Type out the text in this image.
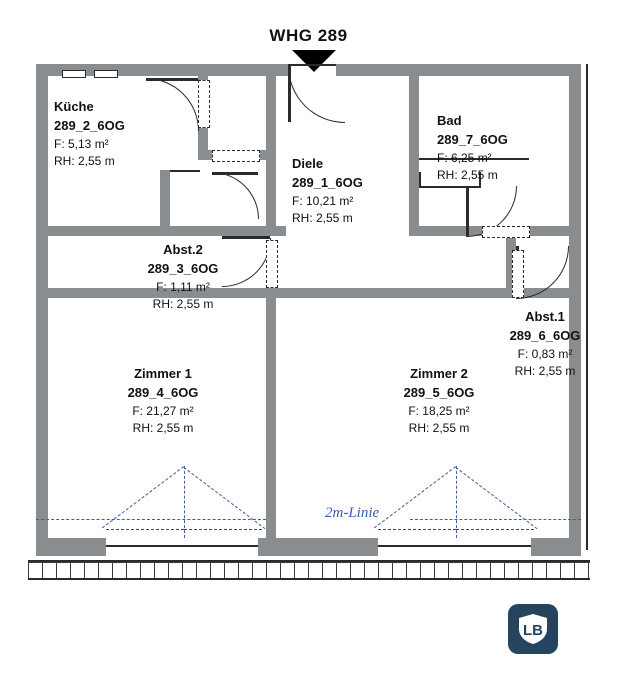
WHG 289
2m-Linie
Küche
289_2_6OG
F: 5,13 m²
RH: 2,55 m	Diele
289_1_6OG
F: 10,21 m²
RH: 2,55 m
Bad
289_7_6OG
F: 6,25 m²
RH: 2,55 m
Abst.2
289_3_6OG
F: 1,11 m²
RH: 2,55 m
Abst.1
289_6_6OG
F: 0,83 m²
RH: 2,55 m
Zimmer 1
289_4_6OG
F: 21,27 m²
RH: 2,55 m
Zimmer 2
289_5_6OG
F: 18,25 m²
RH: 2,55 m
LB
